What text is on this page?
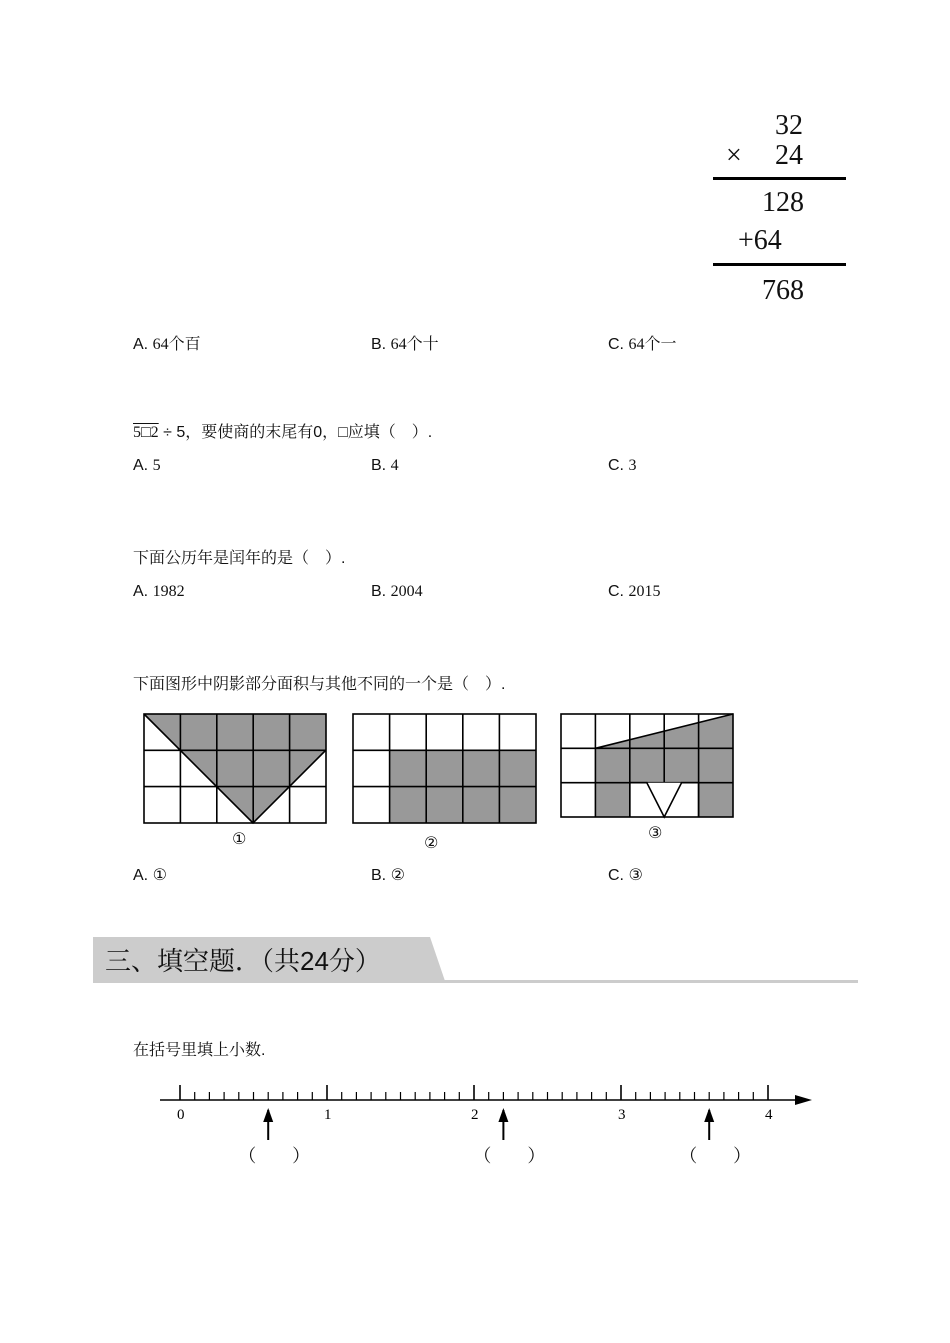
32
× 24
128
+64
768
A. 64个百	B. 64个十	C. 64个一
5□2 ÷ 5，要使商的末尾有0，□应填（　）.
A. 5	B. 4	C. 3
下面公历年是闰年的是（　）.
A. 1982	B. 2004	C. 2015
下面图形中阴影部分面积与其他不同的一个是（　）.
①	②
③
A. ①	B. ②	C. ③
三、填空题．（共24分）
在括号里填上小数.
0	1	2	3	4
（　　）	（　　）	（　　）
